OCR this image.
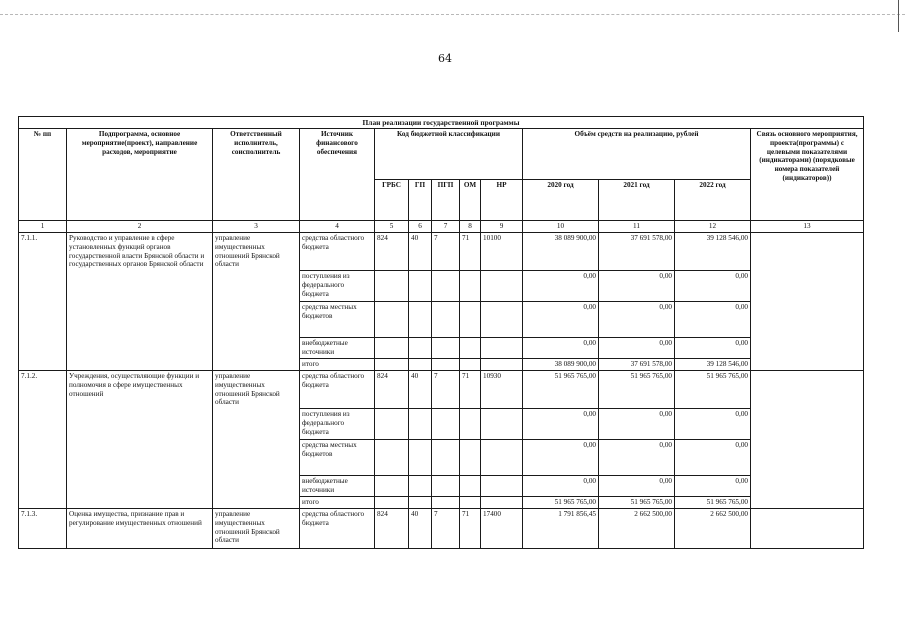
64
План реализации государственной программы												
№ пп	Подпрограмма, основное мероприятие(проект), направление расходов, мероприятие	Ответственный исполнитель, соисполнитель	Источник финансового обеспечения	Код бюджетной классификации					Объём средств на реализацию, рублей			Связь основного мероприятия, проекта(программы) с целевыми показателями (индикаторами) (порядковые номера показателей (индикаторов))
				ГРБС	ГП	ПГП	ОМ	НР	2020 год	2021 год	2022 год	
1	2	3	4	5	6	7	8	9	10	11	12	13
7.1.1.	Руководство и управление в сфере установленных функций органов государственной власти Брянской области и государственных органов Брянской области	управление имущественных отношений Брянской области	средства областного бюджета	824	40	7	71	10100	38 089 900,00	37 691 578,00	39 128 546,00	
			поступления из федерального бюджета						0,00	0,00	0,00	
			средства местных бюджетов						0,00	0,00	0,00	
			внебюджетные источники						0,00	0,00	0,00	
			итого						38 089 900,00	37 691 578,00	39 128 546,00	
7.1.2.	Учреждения, осуществляющие функции и полномочия в сфере имущественных отношений	управление имущественных отношений Брянской области	средства областного бюджета	824	40	7	71	10930	51 965 765,00	51 965 765,00	51 965 765,00	
			поступления из федерального бюджета						0,00	0,00	0,00	
			средства местных бюджетов						0,00	0,00	0,00	
			внебюджетные источники						0,00	0,00	0,00	
			итого						51 965 765,00	51 965 765,00	51 965 765,00	
7.1.3.	Оценка имущества, признание прав и регулирование имущественных отношений	управление имущественных отношений Брянской области	средства областного бюджета	824	40	7	71	17400	1 791 856,45	2 662 500,00	2 662 500,00	
